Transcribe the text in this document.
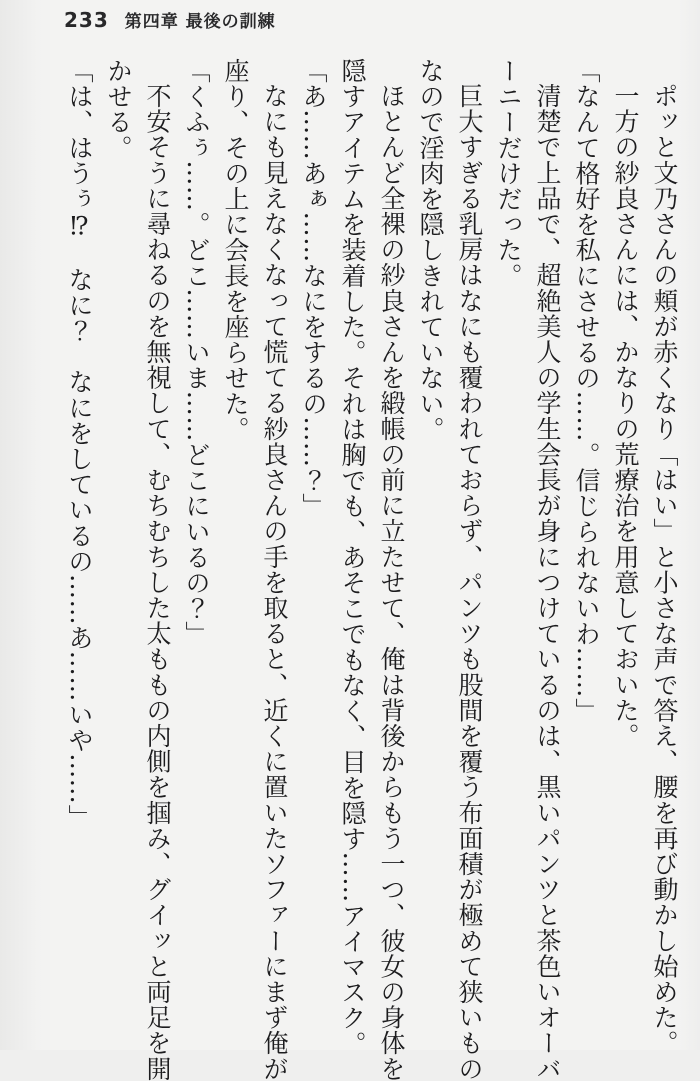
233 第四章 最後の訓練

ポッと文乃さんの頬が赤くなり「はい」と小さな声で答え、腰を再び動かし始めた。

一方の紗良さんには、かなりの荒療治を用意しておいた。

「なんて格好を私にさせるの……。信じられないわ……」

清楚で上品で、超絶美人の学生会長が身につけているのは、黒いパンツと茶色いオーバ

ーニーだけだった。

巨大すぎる乳房はなにも覆われておらず、パンツも股間を覆う布面積が極めて狭いもの

なので淫肉を隠しきれていない。

ほとんど全裸の紗良さんを緞帳の前に立たせて、俺は背後からもう一つ、彼女の身体を

隠すアイテムを装着した。それは胸でも、あそこでもなく、目を隠す……アイマスク。

「あ……あぁ……なにをするの……？」

なにも見えなくなって慌てる紗良さんの手を取ると、近くに置いたソファーにまず俺が

座り、その上に会長を座らせた。

「くふぅ……。どこ……いま……どこにいるの？」

不安そうに尋ねるのを無視して、むちむちした太ももの内側を掴み、グイッと両足を開

かせる。

「は、はうぅ⁉　なに？　なにをしているの……あ……いや……」
